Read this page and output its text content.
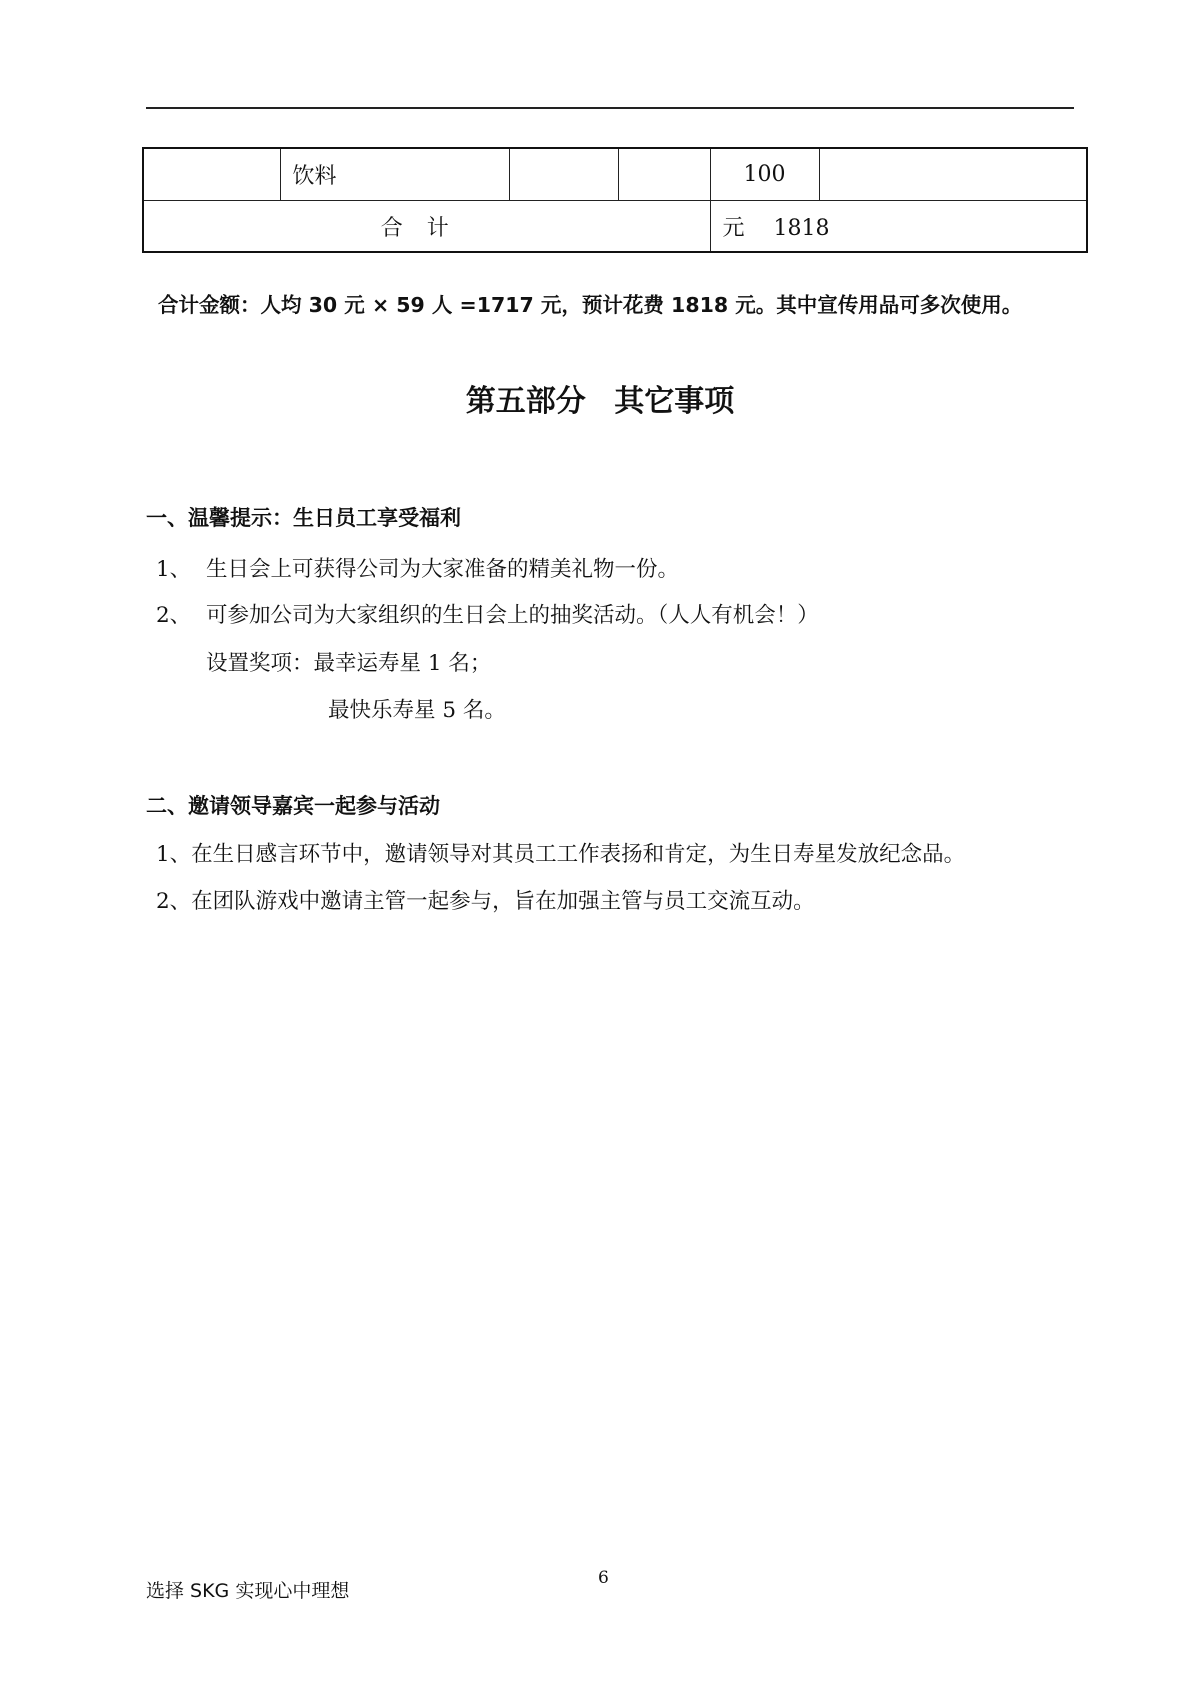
	饮料			100	
合计				元　 1818	
合计金额：人均 30 元 × 59 人 =1717 元，预计花费 1818 元。其中宣传用品可多次使用。
第五部分 其它事项
一、温馨提示：生日员工享受福利
1、 生日会上可获得公司为大家准备的精美礼物一份。
2、 可参加公司为大家组织的生日会上的抽奖活动。（人人有机会！）
设置奖项：最幸运寿星 1 名；
最快乐寿星 5 名。
二、邀请领导嘉宾一起参与活动
1、在生日感言环节中，邀请领导对其员工工作表扬和肯定，为生日寿星发放纪念品。
2、在团队游戏中邀请主管一起参与，旨在加强主管与员工交流互动。
选择 SKG 实现心中理想
6
